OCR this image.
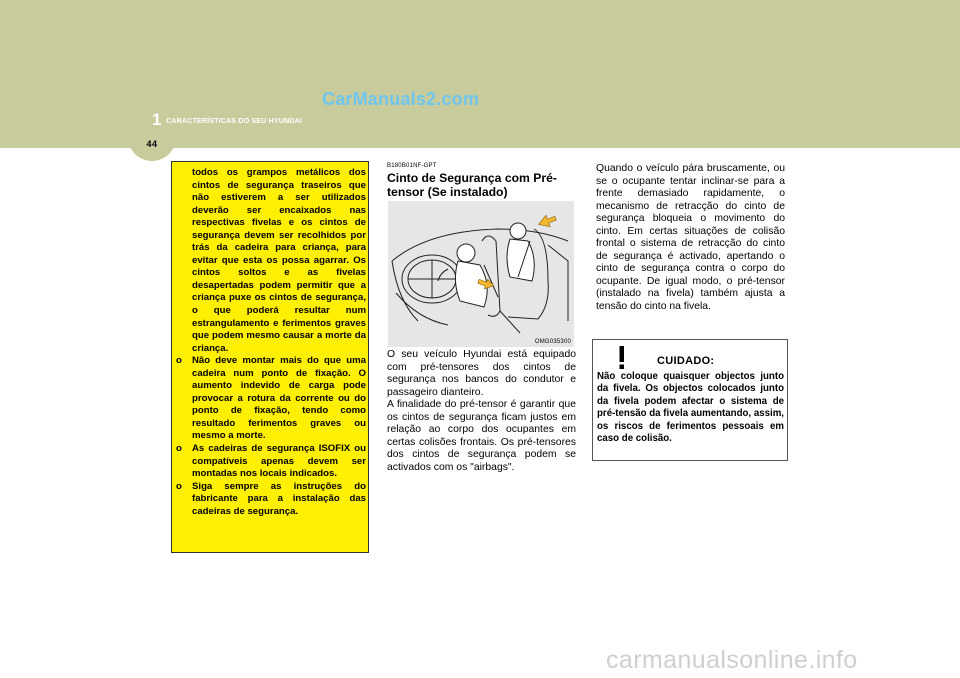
44
CarManuals2.com
1 CARACTERÍSTICAS DO SEU HYUNDAI
todos os grampos metálicos dos cintos de segurança traseiros que não estiverem a ser utilizados deverão ser encaixados nas respectivas fivelas e os cintos de segurança devem ser recolhidos por trás da cadeira para criança, para evitar que esta os possa agarrar. Os cintos soltos e as fivelas desapertadas podem permitir que a criança puxe os cintos de segurança, o que poderá resultar num estrangulamento e ferimentos graves que podem mesmo causar a morte da criança.
o Não deve montar mais do que uma cadeira num ponto de fixação. O aumento indevido de carga pode provocar a rotura da corrente ou do ponto de fixação, tendo como resultado ferimentos graves ou mesmo a morte.
o As cadeiras de segurança ISOFIX ou compatíveis apenas devem ser montadas nos locais indicados.
o Siga sempre as instruções do fabricante para a instalação das cadeiras de segurança.
B180B01NF-GPT
Cinto de Segurança com Pré-tensor (Se instalado)
OMG035300

O seu veículo Hyundai está equipado com pré-tensores dos cintos de segurança nos bancos do condutor e passageiro dianteiro.

A finalidade do pré-tensor é garantir que os cintos de segurança ficam justos em relação ao corpo dos ocupantes em certas colisões frontais. Os pré-tensores dos cintos de segurança podem se activados com os "airbags".

Quando o veículo pára bruscamente, ou se o ocupante tentar inclinar-se para a frente demasiado rapidamente, o mecanismo de retracção do cinto de segurança bloqueia o movimento do cinto. Em certas situações de colisão frontal o sistema de retracção do cinto de segurança é activado, apertando o cinto de segurança contra o corpo do ocupante. De igual modo, o pré-tensor (instalado na fivela) também ajusta a tensão do cinto na fivela.

CUIDADO:

Não coloque quaisquer objectos junto da fivela. Os objectos colocados junto da fivela podem afectar o sistema de pré-tensão da fivela aumentando, assim, os riscos de ferimentos pessoais em caso de colisão.

carmanualsonline.info
